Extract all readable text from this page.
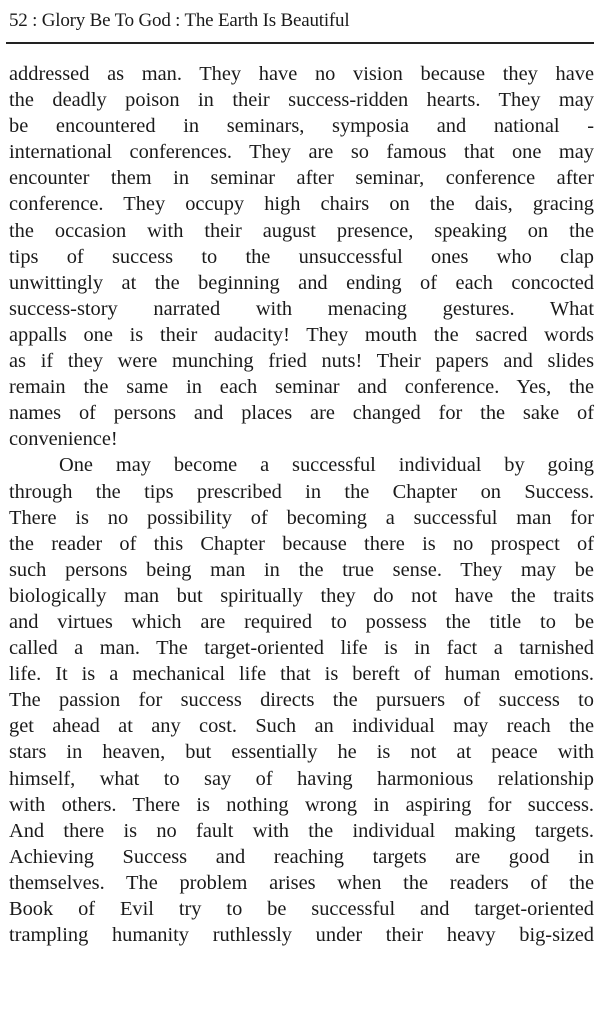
52 : Glory Be To God : The Earth Is Beautiful
addressed as man. They have no vision because they have
the deadly poison in their success-ridden hearts. They may
be encountered in seminars, symposia and national -
international conferences. They are so famous that one may
encounter them in seminar after seminar, conference after
conference. They occupy high chairs on the dais, gracing
the occasion with their august presence, speaking on the
tips of success to the unsuccessful ones who clap
unwittingly at the beginning and ending of each concocted
success-story narrated with menacing gestures. What
appalls one is their audacity! They mouth the sacred words
as if they were munching fried nuts! Their papers and slides
remain the same in each seminar and conference. Yes, the
names of persons and places are changed for the sake of
convenience!
One may become a successful individual by going
through the tips prescribed in the Chapter on Success.
There is no possibility of becoming a successful man for
the reader of this Chapter because there is no prospect of
such persons being man in the true sense. They may be
biologically man but spiritually they do not have the traits
and virtues which are required to possess the title to be
called a man. The target-oriented life is in fact a tarnished
life. It is a mechanical life that is bereft of human emotions.
The passion for success directs the pursuers of success to
get ahead at any cost. Such an individual may reach the
stars in heaven, but essentially he is not at peace with
himself, what to say of having harmonious relationship
with others. There is nothing wrong in aspiring for success.
And there is no fault with the individual making targets.
Achieving Success and reaching targets are good in
themselves. The problem arises when the readers of the
Book of Evil try to be successful and target-oriented
trampling humanity ruthlessly under their heavy big-sized
